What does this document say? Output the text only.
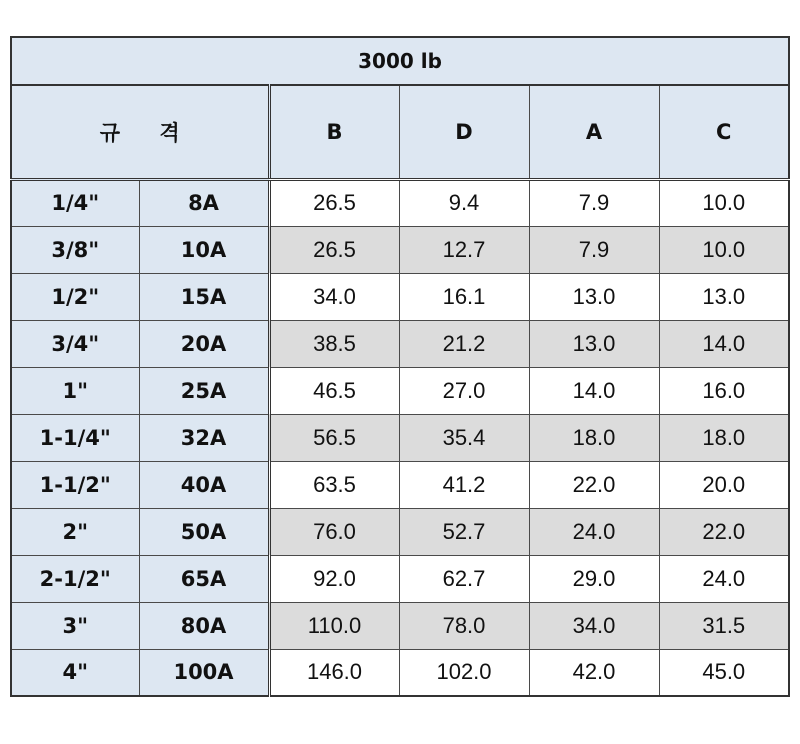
3000 lb					
규 격		B	D	A	C
1/4"	8A	26.5	9.4	7.9	10.0
3/8"	10A	26.5	12.7	7.9	10.0
1/2"	15A	34.0	16.1	13.0	13.0
3/4"	20A	38.5	21.2	13.0	14.0
1"	25A	46.5	27.0	14.0	16.0
1-1/4"	32A	56.5	35.4	18.0	18.0
1-1/2"	40A	63.5	41.2	22.0	20.0
2"	50A	76.0	52.7	24.0	22.0
2-1/2"	65A	92.0	62.7	29.0	24.0
3"	80A	110.0	78.0	34.0	31.5
4"	100A	146.0	102.0	42.0	45.0
